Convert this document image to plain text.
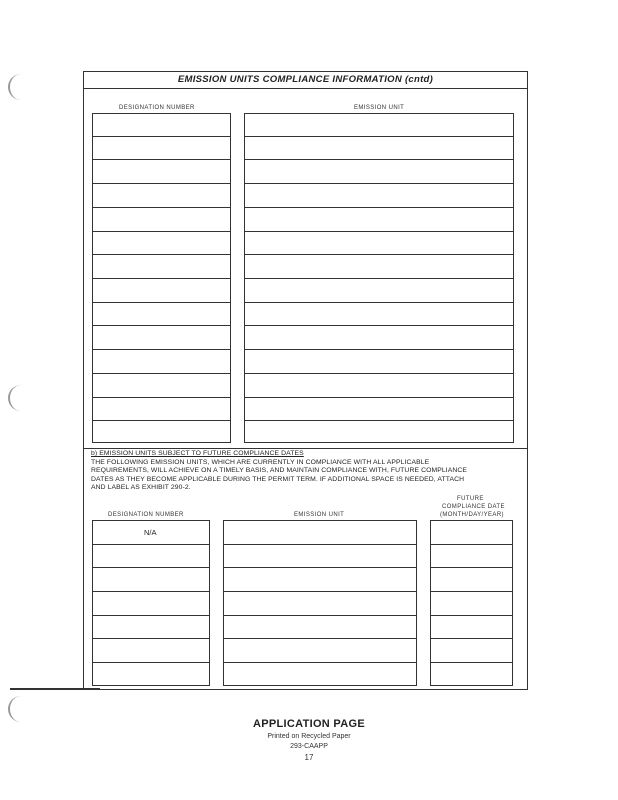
EMISSION UNITS COMPLIANCE INFORMATION (cntd)
DESIGNATION NUMBER	EMISSION UNIT
b) EMISSION UNITS SUBJECT TO FUTURE COMPLIANCE DATES
THE FOLLOWING EMISSION UNITS, WHICH ARE CURRENTLY IN COMPLIANCE WITH ALL APPLICABLE
REQUIREMENTS, WILL ACHIEVE ON A TIMELY BASIS, AND MAINTAIN COMPLIANCE WITH, FUTURE COMPLIANCE
DATES AS THEY BECOME APPLICABLE DURING THE PERMIT TERM. IF ADDITIONAL SPACE IS NEEDED, ATTACH
AND LABEL AS EXHIBIT 290-2.
DESIGNATION NUMBER	EMISSION UNIT
FUTURE
COMPLIANCE DATE
(MONTH/DAY/YEAR)
N/A
APPLICATION PAGE
Printed on Recycled Paper
293-CAAPP
17
